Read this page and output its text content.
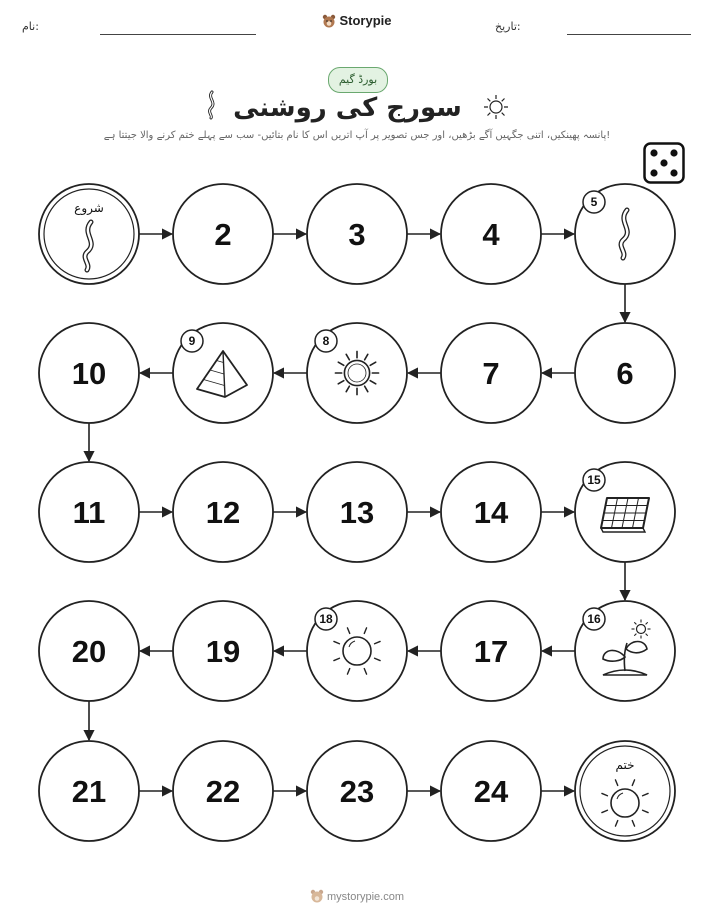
نام:	Storypie	تاریخ:
بورڈ گیم
سورج کی روشنی
پانسہ پھینکیں، اتنی جگہیں آگے بڑھیں، اور جس تصویر پر آپ اتریں اس کا نام بتائیں- سب سے پہلے ختم کرنے والا جیتتا ہے!
شروع
2	3	4
5
6
7
8
9
10
11	12	13	14
15
16
17
18
19
20
21	22	23	24
ختم
mystorypie.com
